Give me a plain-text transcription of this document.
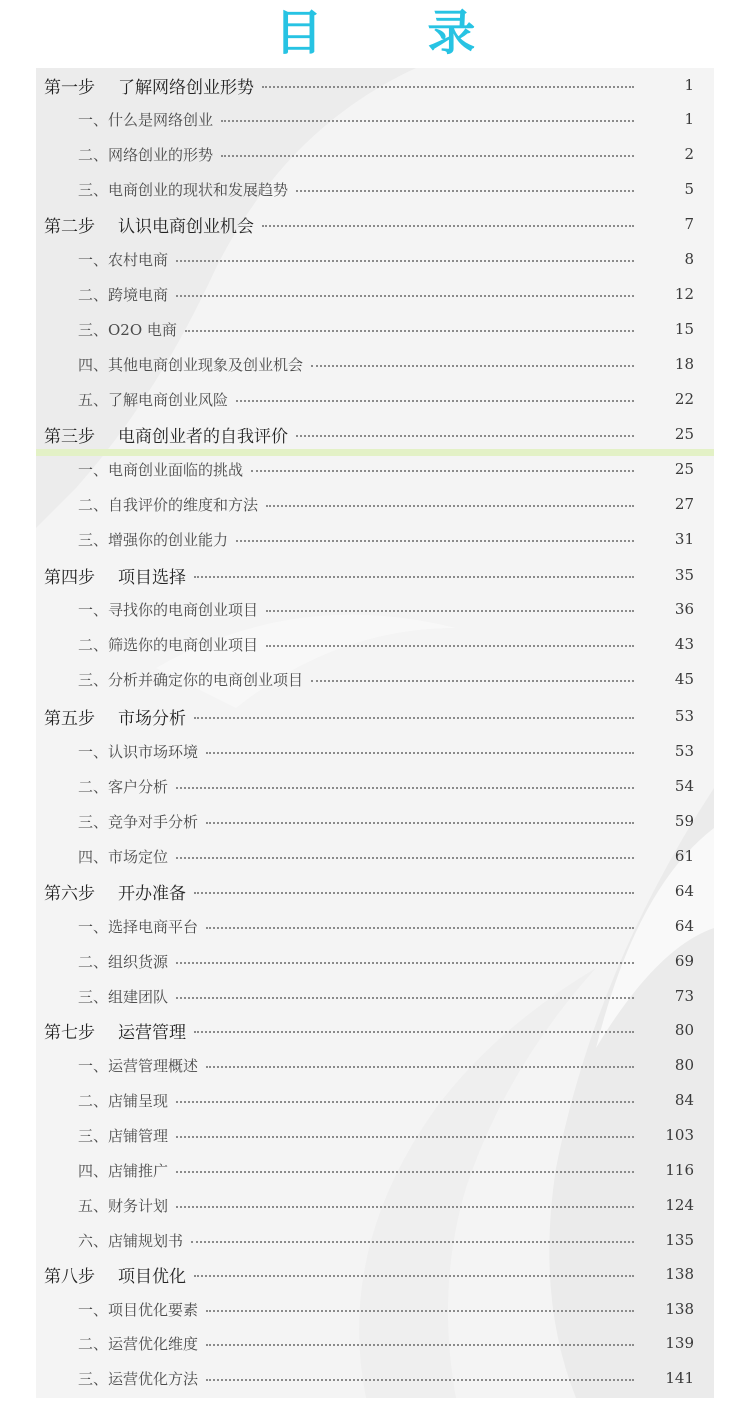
目 录
第一步 了解网络创业形势	1
一、什么是网络创业	1
二、网络创业的形势	2
三、电商创业的现状和发展趋势	5
第二步 认识电商创业机会	7
一、农村电商	8
二、跨境电商	12
三、O2O 电商	15
四、其他电商创业现象及创业机会	18
五、了解电商创业风险	22
第三步 电商创业者的自我评价	25
一、电商创业面临的挑战	25
二、自我评价的维度和方法	27
三、增强你的创业能力	31
第四步 项目选择	35
一、寻找你的电商创业项目	36
二、筛选你的电商创业项目	43
三、分析并确定你的电商创业项目	45
第五步 市场分析	53
一、认识市场环境	53
二、客户分析	54
三、竞争对手分析	59
四、市场定位	61
第六步 开办准备	64
一、选择电商平台	64
二、组织货源	69
三、组建团队	73
第七步 运营管理	80
一、运营管理概述	80
二、店铺呈现	84
三、店铺管理	103
四、店铺推广	116
五、财务计划	124
六、店铺规划书	135
第八步 项目优化	138
一、项目优化要素	138
二、运营优化维度	139
三、运营优化方法	141
